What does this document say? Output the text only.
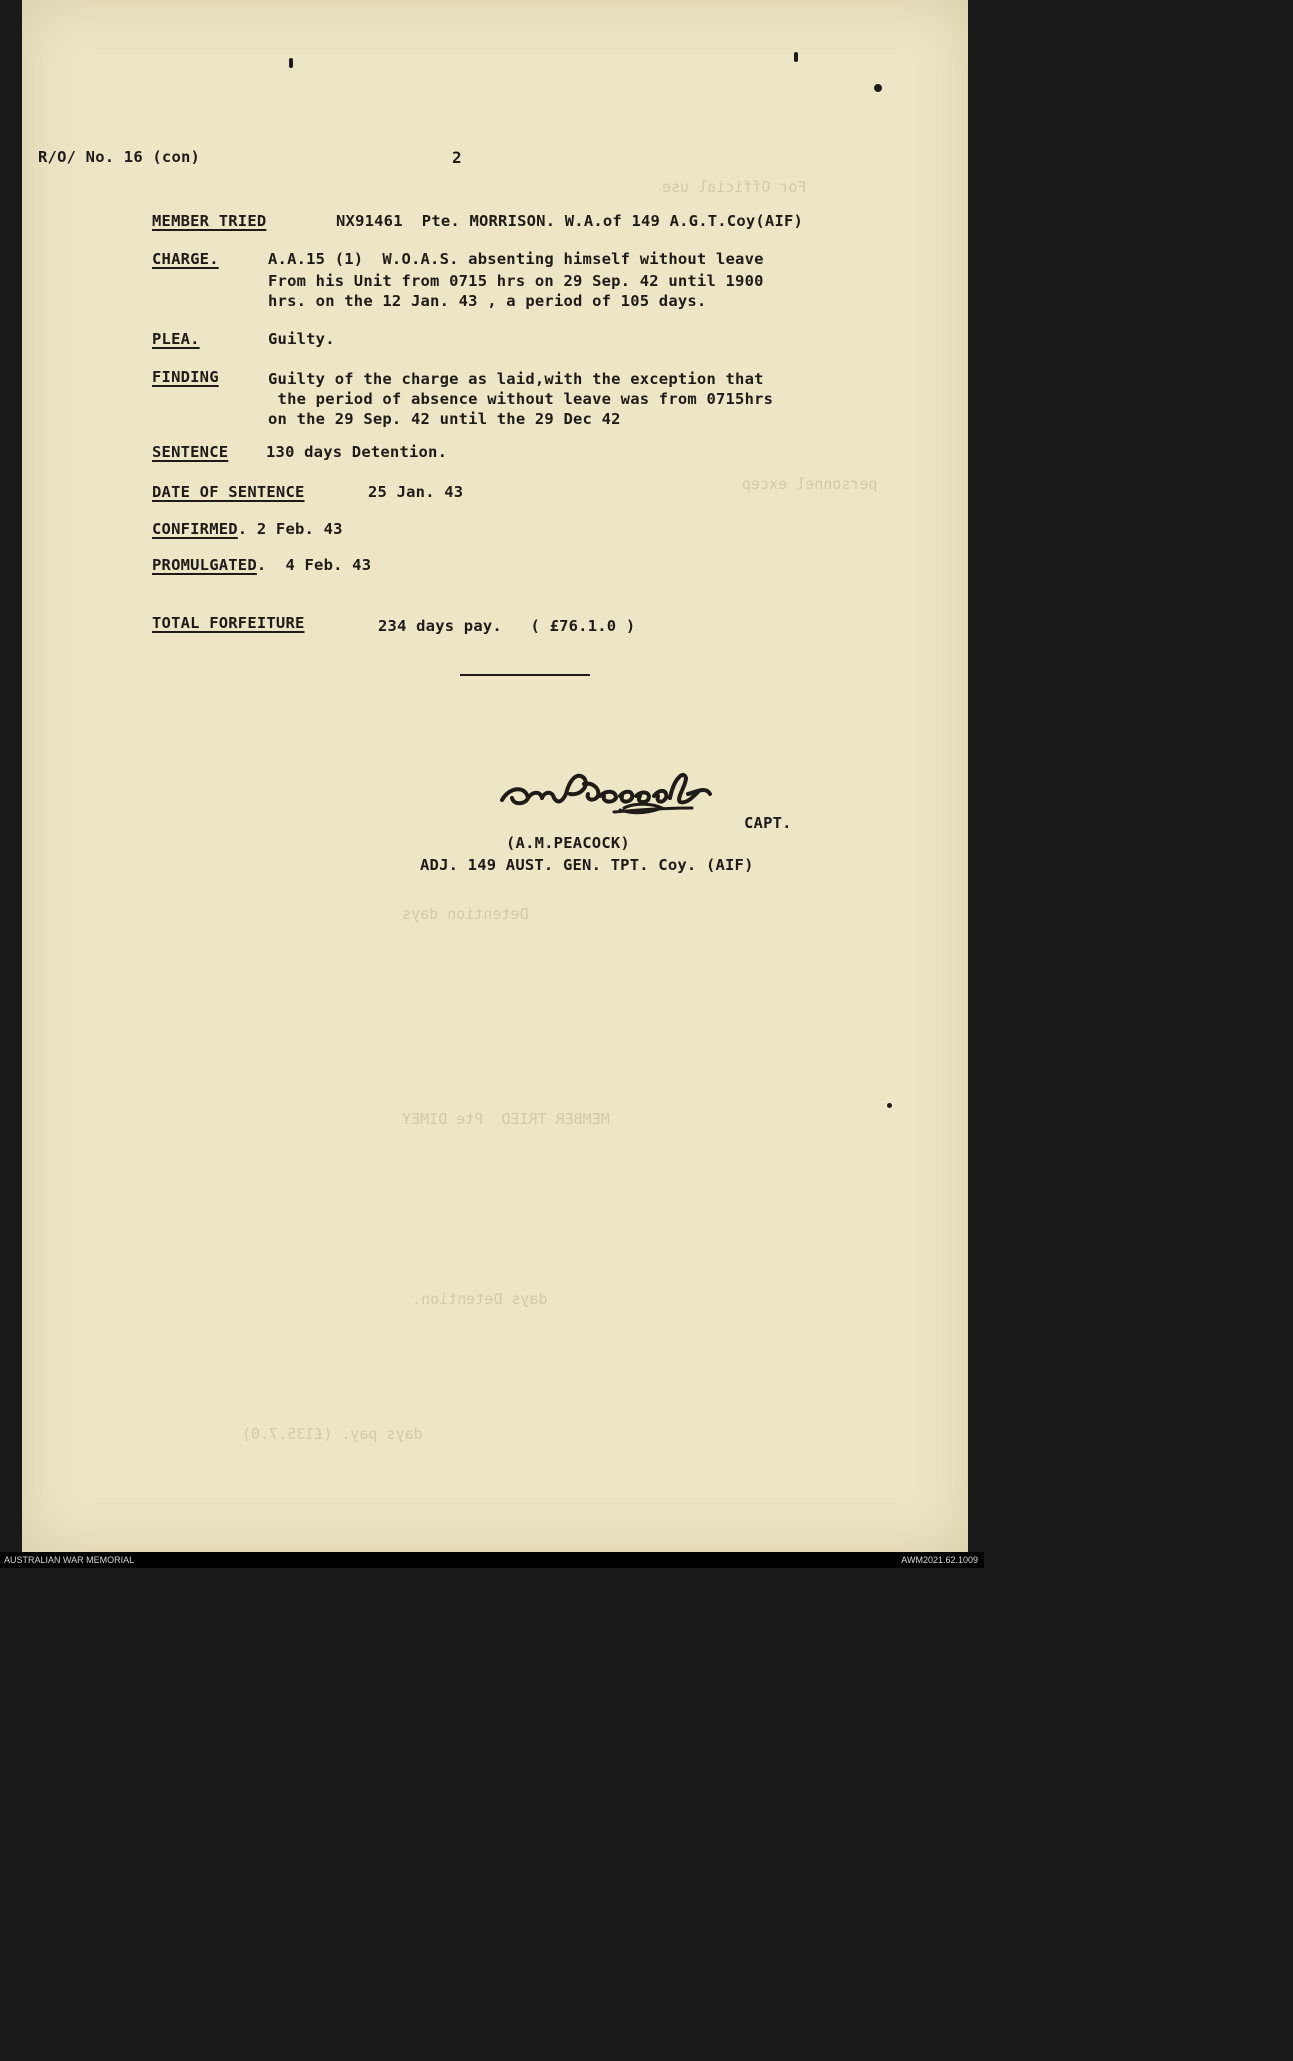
For Official use
personnel excep
Detention days
MEMBER TRIED  Pte DIMEY
days Detention.
days pay. (£135.7.0)
R/O/ No. 16 (con)	2
MEMBER TRIED	NX91461  Pte. MORRISON. W.A.of 149 A.G.T.Coy(AIF)
CHARGE.	A.A.15 (1)  W.O.A.S. absenting himself without leave
From his Unit from 0715 hrs on 29 Sep. 42 until 1900
hrs. on the 12 Jan. 43 , a period of 105 days.
PLEA.	Guilty.
FINDING	Guilty of the charge as laid,with the exception that
the period of absence without leave was from 0715hrs
on the 29 Sep. 42 until the 29 Dec 42
SENTENCE 130 days Detention.
DATE OF SENTENCE	25 Jan. 43
CONFIRMED. 2 Feb. 43
PROMULGATED.  4 Feb. 43
TOTAL FORFEITURE	234 days pay.   ( £76.1.0 )
CAPT.
(A.M.PEACOCK)
ADJ. 149 AUST. GEN. TPT. Coy. (AIF)
AUSTRALIAN WAR MEMORIAL	AWM2021.62.1009
